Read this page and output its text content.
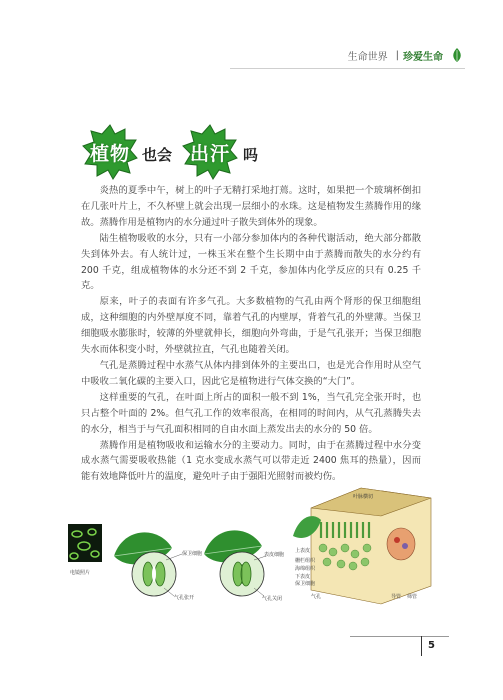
生命世界 | 珍爱生命
植物 也会 出汗 吗

炎热的夏季中午，树上的叶子无精打采地打蔫。这时，如果把一个玻璃杯倒扣在几张叶片上，不久杯壁上就会出现一层细小的水珠。这是植物发生蒸腾作用的缘故。蒸腾作用是植物内的水分通过叶子散失到体外的现象。

陆生植物吸收的水分，只有一小部分参加体内的各种代谢活动，绝大部分都散失到体外去。有人统计过，一株玉米在整个生长期中由于蒸腾而散失的水分约有 200 千克，组成植物体的水分还不到 2 千克，参加体内化学反应的只有 0.25 千克。

原来，叶子的表面有许多气孔。大多数植物的气孔由两个肾形的保卫细胞组成，这种细胞的内外壁厚度不同，靠着气孔的内壁厚，背着气孔的外壁薄。当保卫细胞吸水膨胀时，较薄的外壁就伸长，细胞向外弯曲，于是气孔张开；当保卫细胞失水而体积变小时，外壁就拉直，气孔也随着关闭。

气孔是蒸腾过程中水蒸气从体内排到体外的主要出口，也是光合作用时从空气中吸收二氧化碳的主要入口，因此它是植物进行气体交换的“大门”。

这样重要的气孔，在叶面上所占的面积一般不到 1%，当气孔完全张开时，也只占整个叶面的 2%。但气孔工作的效率很高，在相同的时间内，从气孔蒸腾失去的水分，相当于与气孔面积相同的自由水面上蒸发出去的水分的 50 倍。

蒸腾作用是植物吸收和运输水分的主要动力。同时，由于在蒸腾过程中水分变成水蒸气需要吸收热能（1 克水变成水蒸气可以带走近 2400 焦耳的热量），因而能有效地降低叶片的温度，避免叶子由于强阳光照射而被灼伤。

电镜照片
保卫细胞
气孔张开
表皮细胞
气孔关闭
叶脉横切
上表皮
栅栏组织
海绵组织
下表皮
保卫细胞
气孔	导管 筛管
5
